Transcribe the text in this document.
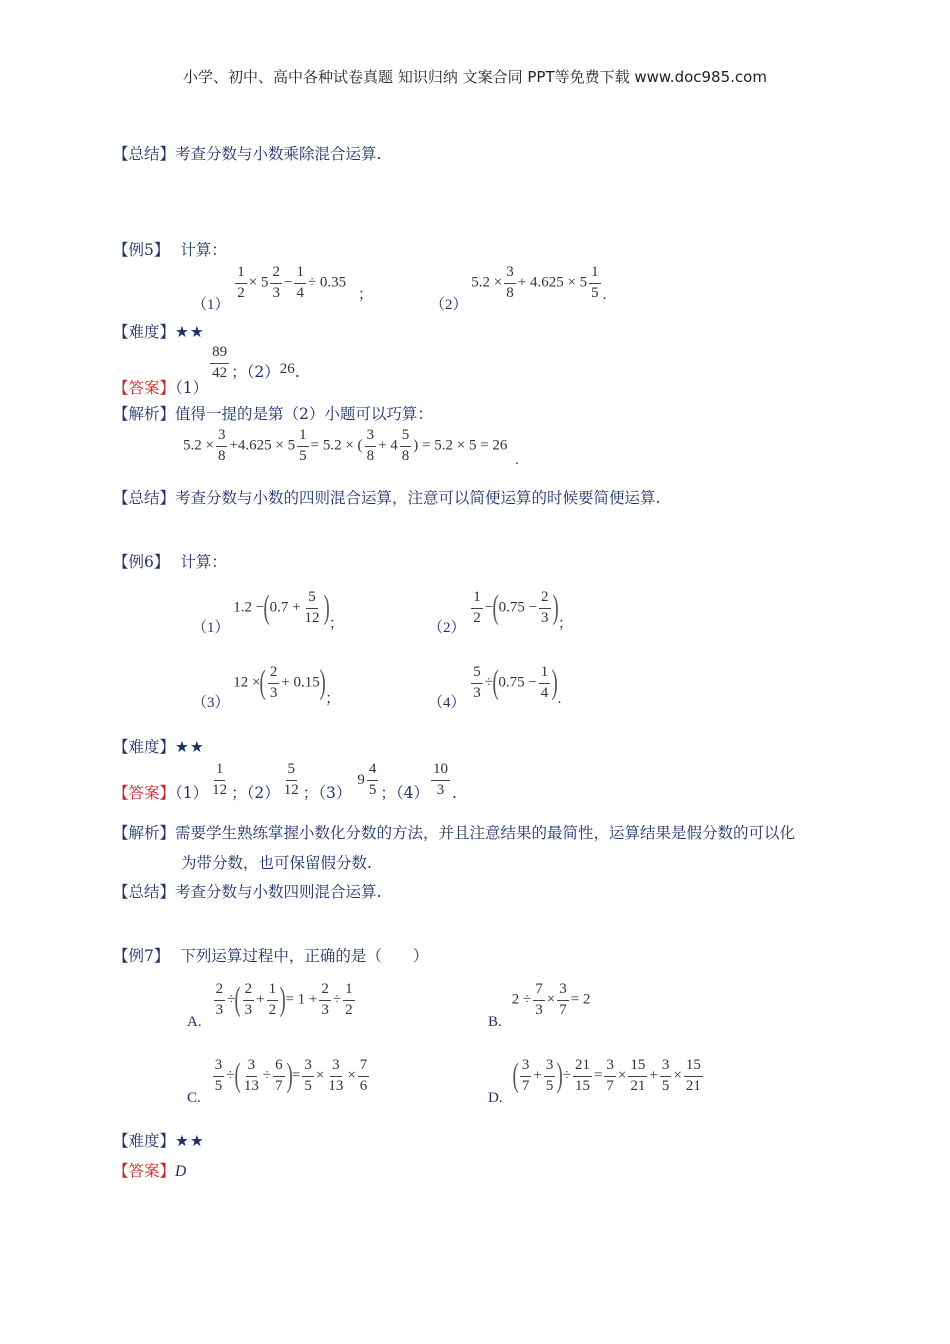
小学、初中、高中各种试卷真题 知识归纳 文案合同 PPT等免费下载 www.doc985.com
【总结】考查分数与小数乘除混合运算.
【例5】 计算：
（1）
$\frac{1}{2} \times 5 \frac{2}{3} - \frac{1}{4} \div 0.35$ ；
（2） $5.2 \times \frac{3}{8} + 4.625 \times 5 \frac{1}{5}$ .
【难度】★★
【答案】（1）
$\frac{89}{42}$ ；（2）26.
【解析】值得一提的是第（2）小题可以巧算：
$5.2 \times \frac{3}{8} +4.625 \times 5 \frac{1}{5} = 5.2$ × ( $\frac{3}{8} + 4 \frac{5}{8}$ ) = 5.2 × 5 = 26 .
【总结】考查分数与小数的四则混合运算，注意可以简便运算的时候要简便运算.
【例6】 计算：
（1） $1.2 -(0.7 + \frac{5}{12}$ )；	（2）
$\frac{1}{2} -(0.75 - \frac{2}{3}$ )；
（3） 12 ×( $\frac{2}{3} + 0.15$)；	（4）
$\frac{5}{3} \div(0.75 - \frac{1}{4}$ ).
【难度】★★
【答案】$(1) \frac{1}{12}$ ；$(2) \frac{5}{12}$ ；$(3)9 \frac{4}{5}$ ；$(4) \frac{10}{3}$ .
【解析】需要学生熟练掌握小数化分数的方法，并且注意结果的最简性，运算结果是假分数的可以化
为带分数，也可保留假分数.
【总结】考查分数与小数四则混合运算.
【例7】 下列运算过程中，正确的是（　　）
A.
$\frac{2}{3}$ ÷( $\frac{2}{3} + \frac{1}{2}$ )= $1 + \frac{2}{3} \div \frac{1}{2}$
$B.2 \div \frac{7}{3} \times \frac{3}{7} = 2$
C.
$\frac{3}{5}$ ÷( $\frac{3}{13} \div \frac{6}{7}$ )= $\frac{3}{5} \times \frac{3}{13} \times \frac{7}{6}$
$D.( \frac{3}{7} + \frac{3}{5}$ )÷ $\frac{21}{15} = \frac{3}{7} \times \frac{15}{21} + \frac{3}{5} \times \frac{15}{21}$
【难度】★★
【答案】D
